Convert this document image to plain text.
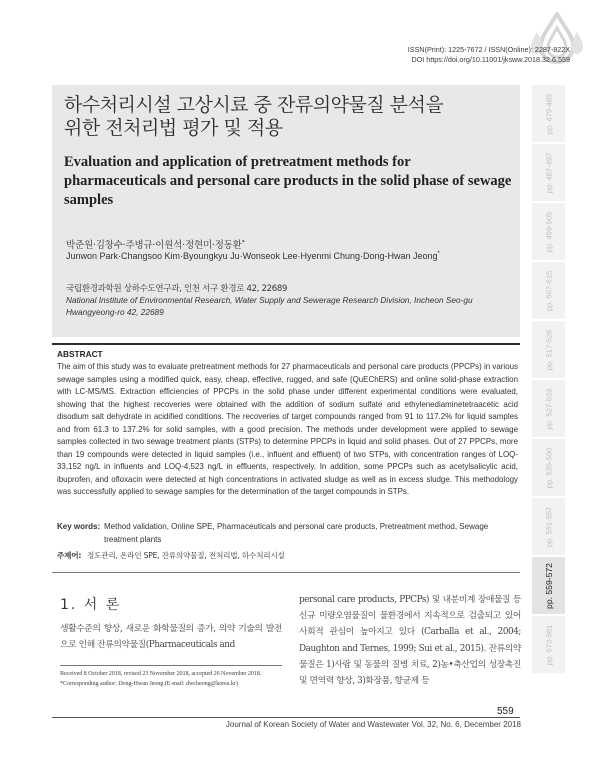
ISSN(Print): 1225-7672 / ISSN(Online): 2287-822X
DOI https://doi.org/10.11001/jksww.2018.32.6.559
하수처리시설 고상시료 중 잔류의약물질 분석을
위한 전처리법 평가 및 적용
Evaluation and application of pretreatment methods for pharmaceuticals and personal care products in the solid phase of sewage samples
박준원·김창수·주병규·이원석·정현미·정동환*
Junwon Park·Changsoo Kim·Byoungkyu Ju·Wonseok Lee·Hyenmi Chung·Dong-Hwan Jeong*
국립환경과학원 상하수도연구과, 인천 서구 환경로 42, 22689
National Institute of Environmental Research, Water Supply and Sewerage Research Division, Incheon Seo-gu Hwangyeong-ro 42, 22689
ABSTRACT
The aim of this study was to evaluate pretreatment methods for 27 pharmaceuticals and personal care products (PPCPs) in various sewage samples using a modified quick, easy, cheap, effective, rugged, and safe (QuEChERS) and online solid-phase extraction with LC-MS/MS. Extraction efficiencies of PPCPs in the solid phase under different experimental conditions were evaluated, showing that the highest recoveries were obtained with the addition of sodium sulfate and ethylenediaminetetraacetic acid disodium salt dehydrate in acidified conditions. The recoveries of target compounds ranged from 91 to 117.2% for liquid samples and from 61.3 to 137.2% for solid samples, with a good precision. The methods under development were applied to sewage samples collected in two sewage treatment plants (STPs) to determine PPCPs in liquid and solid phases. Out of 27 PPCPs, more than 19 compounds were detected in liquid samples (i.e., influent and effluent) of two STPs, with concentration ranges of LOQ-33,152 ng/L in influents and LOQ-4,523 ng/L in effluents, respectively. In addition, some PPCPs such as acetylsalicylic acid, ibuprofen, and ofloxacin were detected at high concentrations in activated sludge as well as in excess sludge. This methodology was successfully applied to sewage samples for the determination of the target compounds in STPs.
Key words: Method validation, Online SPE, Pharmaceuticals and personal care products, Pretreatment method, Sewage treatment plants
주제어: 정도관리, 온라인 SPE, 잔류의약물질, 전처리법, 하수처리시설
1. 서 론
생활수준의 향상, 새로운 화학물질의 증가, 의약 기술의 발전으로 인해 잔류의약물질(Pharmaceuticals and
personal care products, PPCPs) 및 내분비계 장애물질 등 신규 미량오염물질이 물환경에서 지속적으로 검출되고 있어 사회적 관심이 높아지고 있다 (Carballa et al., 2004; Daughton and Ternes, 1999; Sui et al., 2015). 잔류의약물질은 1)사람 및 동물의 질병 치료, 2)농•축산업의 성장촉진 및 면역력 향상, 3)화장품, 향균제 등
Received 8 October 2018, revised 23 November 2018, accepted 26 November 2018.
*Corresponding author: Dong-Hwan Jeong (E-mail: dwcheong@korea.kr)
559
Journal of Korean Society of Water and Wastewater Vol. 32, No. 6, December 2018
pp. 479-485
pp. 487-497
pp. 499-505
pp. 507-515
pp. 517-526
pp. 527-533
pp. 535-550
pp. 551-557
pp. 559-572
pp. 573-581
